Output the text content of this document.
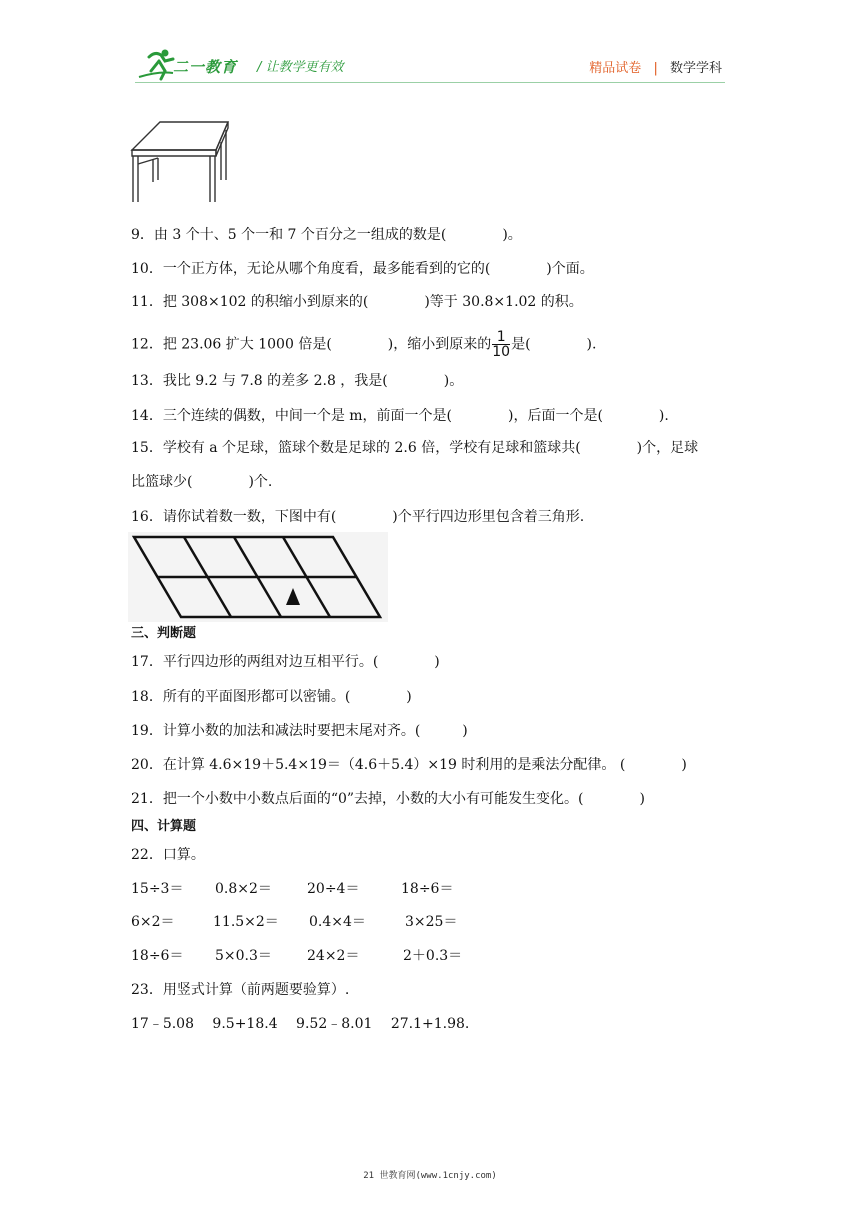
二一教育 / 让教学更有效	精品试卷 | 数学学科
9．由 3 个十、5 个一和 7 个百分之一组成的数是(　　　　)。
10．一个正方体，无论从哪个角度看，最多能看到的它的(　　　　)个面。
11．把 308×102 的积缩小到原来的(　　　　)等于 30.8×1.02 的积。
12．把 23.06 扩大 1000 倍是(　　　　)，缩小到原来的 $\frac{1}{10}$ 是(　　　　).
13．我比 9.2 与 7.8 的差多 2.8 ，我是(　　　　)。
14．三个连续的偶数，中间一个是 m，前面一个是(　　　　)，后面一个是(　　　　).
15．学校有 a 个足球，篮球个数是足球的 2.6 倍，学校有足球和篮球共(　　　　)个，足球
比篮球少(　　　　)个.
16．请你试着数一数，下图中有(　　　　)个平行四边形里包含着三角形.
三、判断题
17．平行四边形的两组对边互相平行。(　　　　)
18．所有的平面图形都可以密铺。(　　　　)
19．计算小数的加法和减法时要把末尾对齐。(　　　)
20．在计算 4.6×19＋5.4×19＝（4.6＋5.4）×19 时利用的是乘法分配律。 (　　　　)
21．把一个小数中小数点后面的“0”去掉，小数的大小有可能发生变化。(　　　　)
四、计算题
22．口算。
15÷3＝ 0.8×2＝	20÷4＝	18÷6＝
6×2＝	11.5×2＝ 0.4×4＝	3×25＝
18÷6＝ 5×0.3＝	24×2＝	2＋0.3＝
23．用竖式计算（前两题要验算）.
17﹣5.08　 9.5+18.4　 9.52﹣8.01　 27.1+1.98.
21 世教育网(www.1cnjy.com)
